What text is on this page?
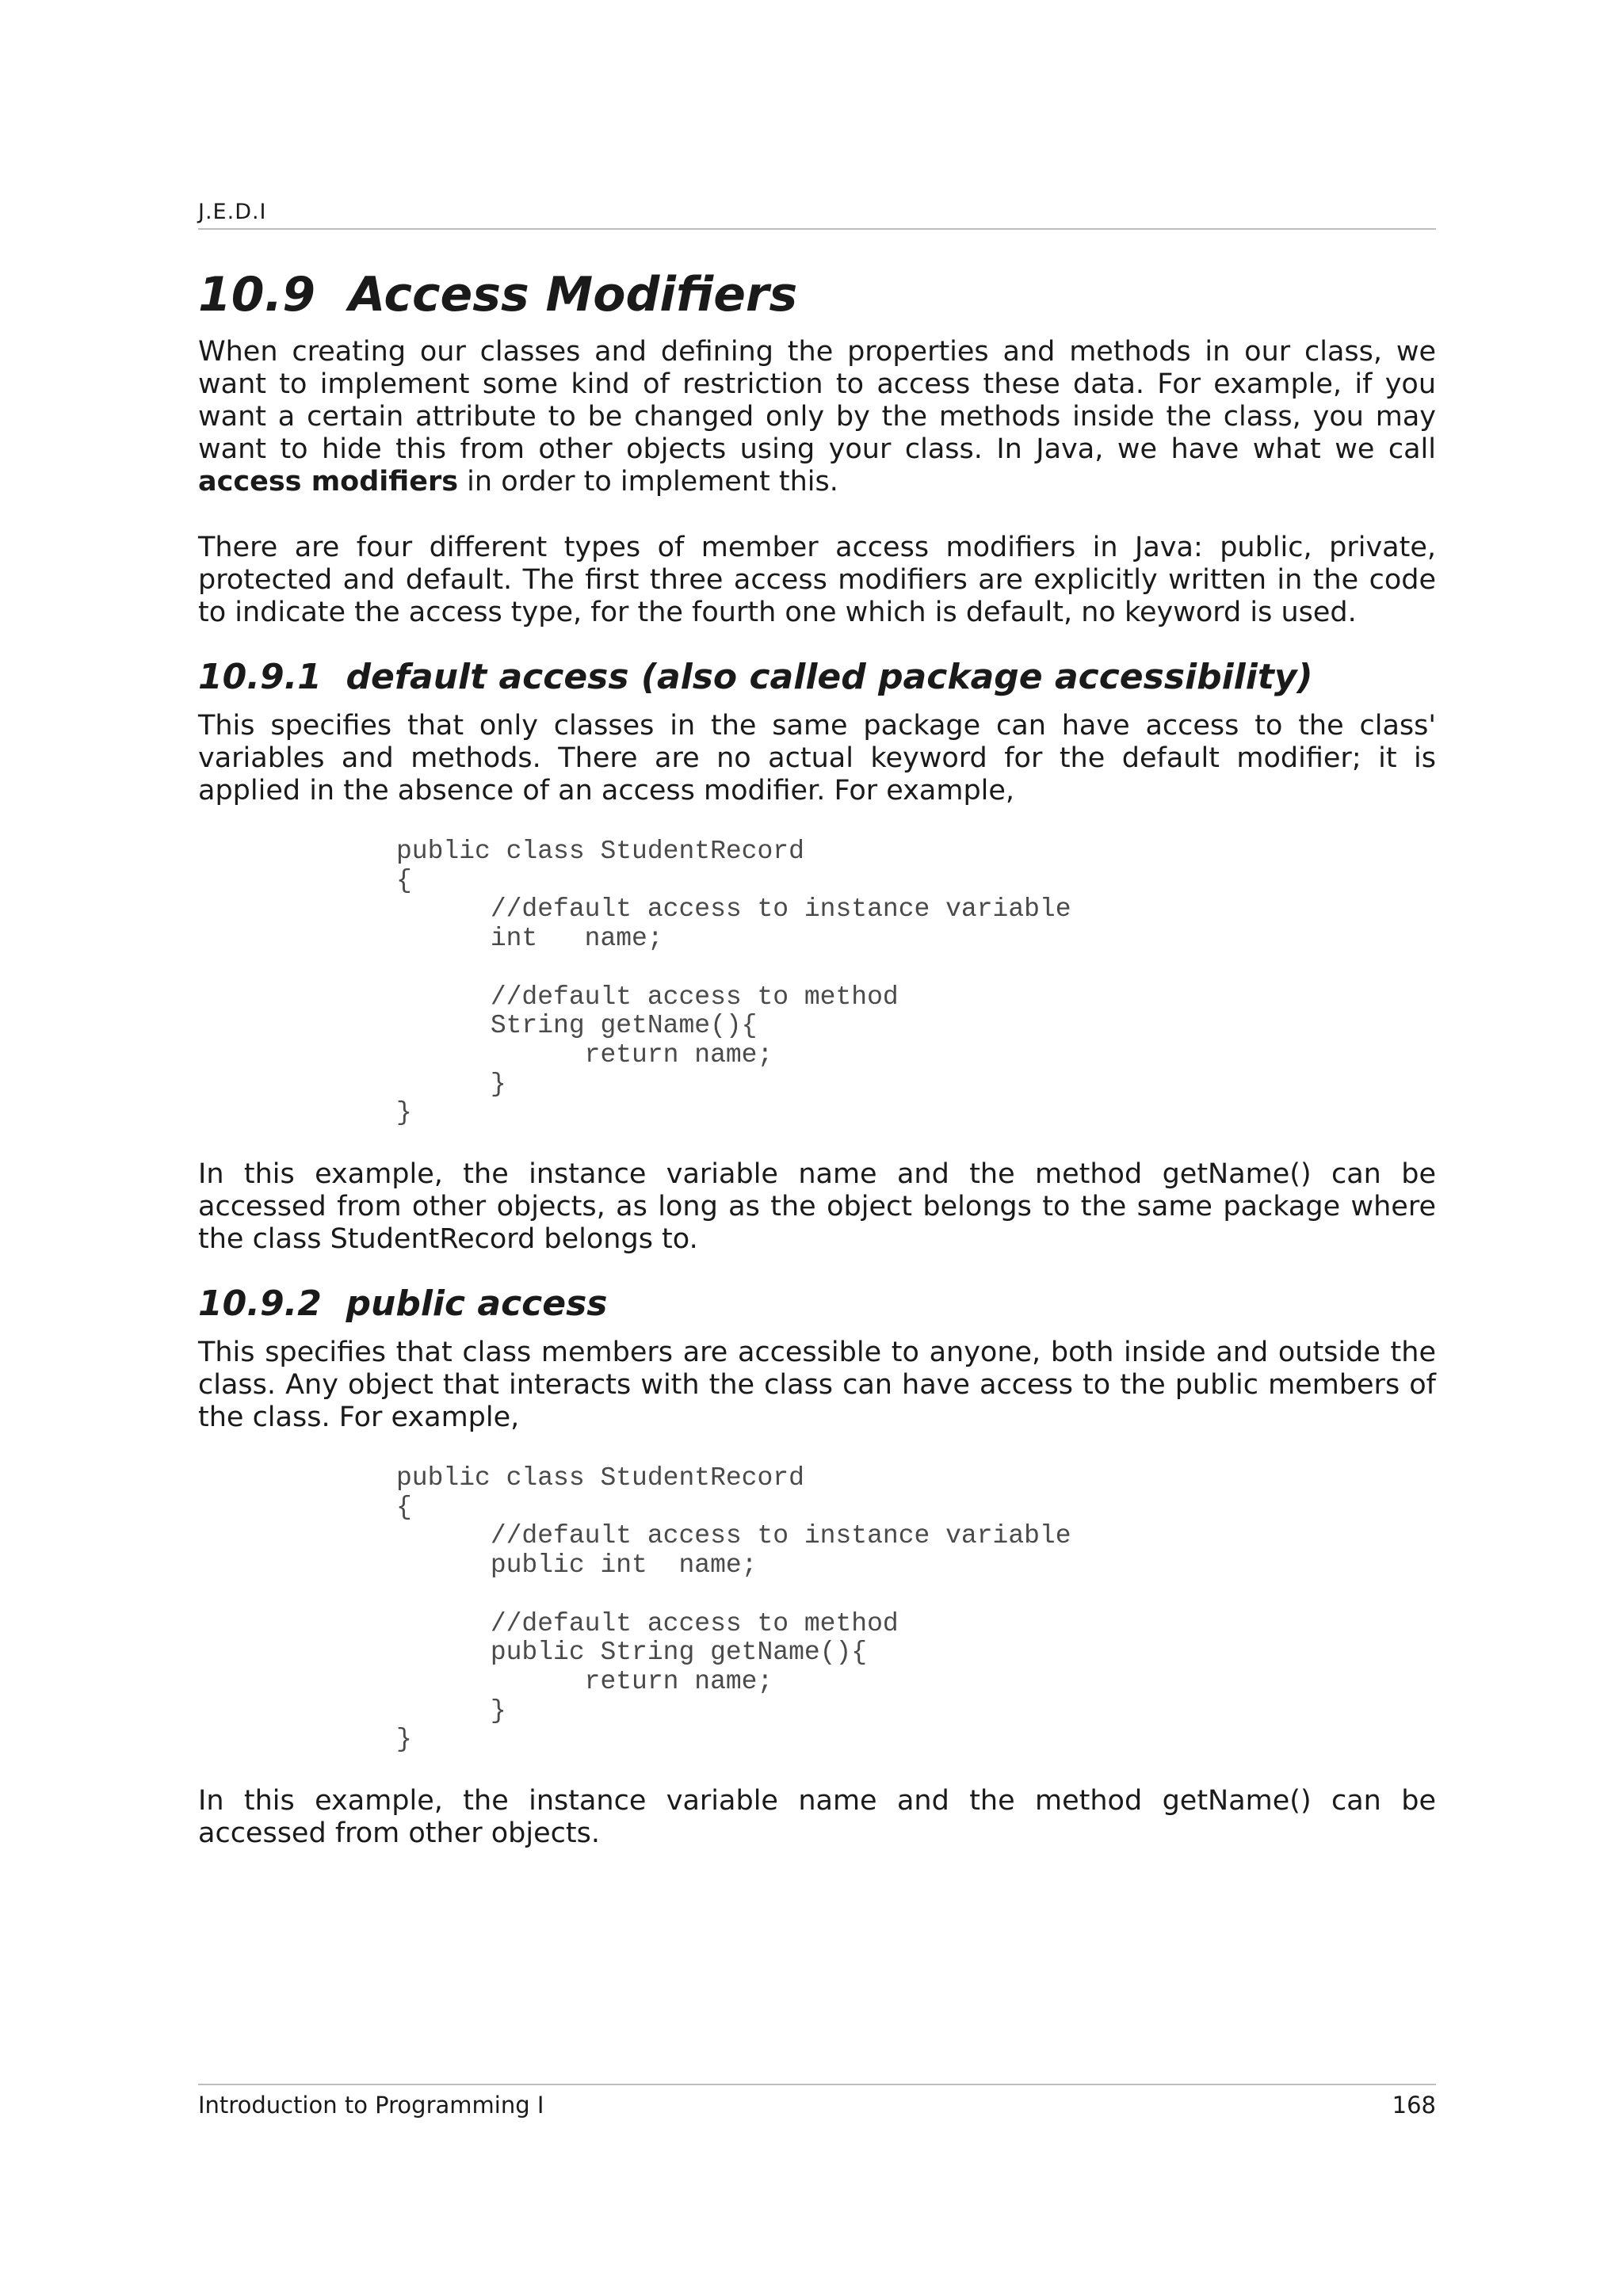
J.E.D.I
10.9  Access Modifiers

When creating our classes and defining the properties and methods in our class, we want to implement some kind of restriction to access these data. For example, if you want a certain attribute to be changed only by the methods inside the class, you may want to hide this from other objects using your class. In Java, we have what we call access modifiers in order to implement this.

There are four different types of member access modifiers in Java: public, private, protected and default. The first three access modifiers are explicitly written in the code to indicate the access type, for the fourth one which is default, no keyword is used.

10.9.1  default access (also called package accessibility)

This specifies that only classes in the same package can have access to the class' variables and methods. There are no actual keyword for the default modifier; it is applied in the absence of an access modifier. For example,

public class StudentRecord
{
//default access to instance variable
int   name;

//default access to method
String getName(){
return name;
}
}

In this example, the instance variable name and the method getName() can be accessed from other objects, as long as the object belongs to the same package where the class StudentRecord belongs to.

10.9.2  public access

This specifies that class members are accessible to anyone, both inside and outside the class. Any object that interacts with the class can have access to the public members of the class. For example,

public class StudentRecord
{
//default access to instance variable
public int  name;

//default access to method
public String getName(){
return name;
}
}

In this example, the instance variable name and the method getName() can be accessed from other objects.

Introduction to Programming I	168
